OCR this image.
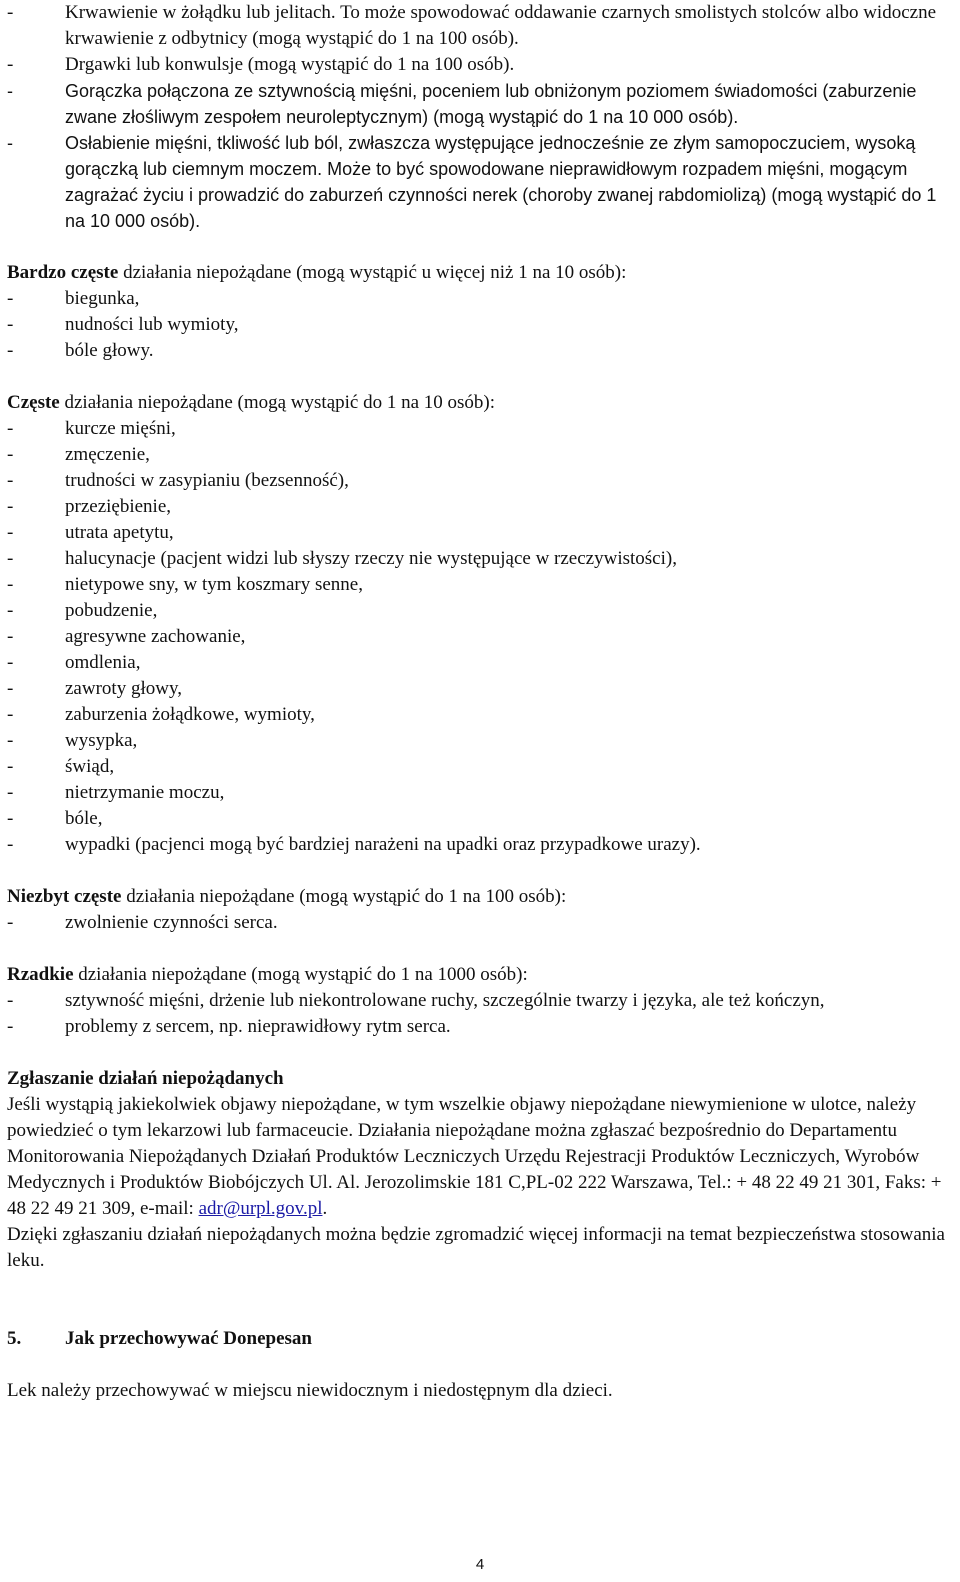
-	Krwawienie w żołądku lub jelitach. To może spowodować oddawanie czarnych smolistych stolców albo widoczne krwawienie z odbytnicy (mogą wystąpić do 1 na 100 osób).
-	Drgawki lub konwulsje (mogą wystąpić do 1 na 100 osób).
-	Gorączka połączona ze sztywnością mięśni, poceniem lub obniżonym poziomem świadomości (zaburzenie zwane złośliwym zespołem neuroleptycznym) (mogą wystąpić do 1 na 10 000 osób).
-	Osłabienie mięśni, tkliwość lub ból, zwłaszcza występujące jednocześnie ze złym samopoczuciem, wysoką gorączką lub ciemnym moczem. Może to być spowodowane nieprawidłowym rozpadem mięśni, mogącym zagrażać życiu i prowadzić do zaburzeń czynności nerek (choroby zwanej rabdomiolizą) (mogą wystąpić do 1 na 10 000 osób).

Bardzo częste działania niepożądane (mogą wystąpić u więcej niż 1 na 10 osób):

-	biegunka,
-	nudności lub wymioty,
-	bóle głowy.

Częste działania niepożądane (mogą wystąpić do 1 na 10 osób):

-	kurcze mięśni,
-	zmęczenie,
-	trudności w zasypianiu (bezsenność),
-	przeziębienie,
-	utrata apetytu,
-	halucynacje (pacjent widzi lub słyszy rzeczy nie występujące w rzeczywistości),
-	nietypowe sny, w tym koszmary senne,
-	pobudzenie,
-	agresywne zachowanie,
-	omdlenia,
-	zawroty głowy,
-	zaburzenia żołądkowe, wymioty,
-	wysypka,
-	świąd,
-	nietrzymanie moczu,
-	bóle,
-	wypadki (pacjenci mogą być bardziej narażeni na upadki oraz przypadkowe urazy).

Niezbyt częste działania niepożądane (mogą wystąpić do 1 na 100 osób):

-	zwolnienie czynności serca.

Rzadkie działania niepożądane (mogą wystąpić do 1 na 1000 osób):

-	sztywność mięśni, drżenie lub niekontrolowane ruchy, szczególnie twarzy i języka, ale też kończyn,
-	problemy z sercem, np. nieprawidłowy rytm serca.

Zgłaszanie działań niepożądanych

Jeśli wystąpią jakiekolwiek objawy niepożądane, w tym wszelkie objawy niepożądane niewymienione w ulotce, należy powiedzieć o tym lekarzowi lub farmaceucie. Działania niepożądane można zgłaszać bezpośrednio do Departamentu Monitorowania Niepożądanych Działań Produktów Leczniczych Urzędu Rejestracji Produktów Leczniczych, Wyrobów Medycznych i Produktów Biobójczych Ul. Al. Jerozolimskie 181 C,PL-02 222 Warszawa, Tel.: + 48 22 49 21 301, Faks: + 48 22 49 21 309, e-mail: adr@urpl.gov.pl.

Dzięki zgłaszaniu działań niepożądanych można będzie zgromadzić więcej informacji na temat bezpieczeństwa stosowania leku.

5. Jak przechowywać Donepesan

Lek należy przechowywać w miejscu niewidocznym i niedostępnym dla dzieci.

4
